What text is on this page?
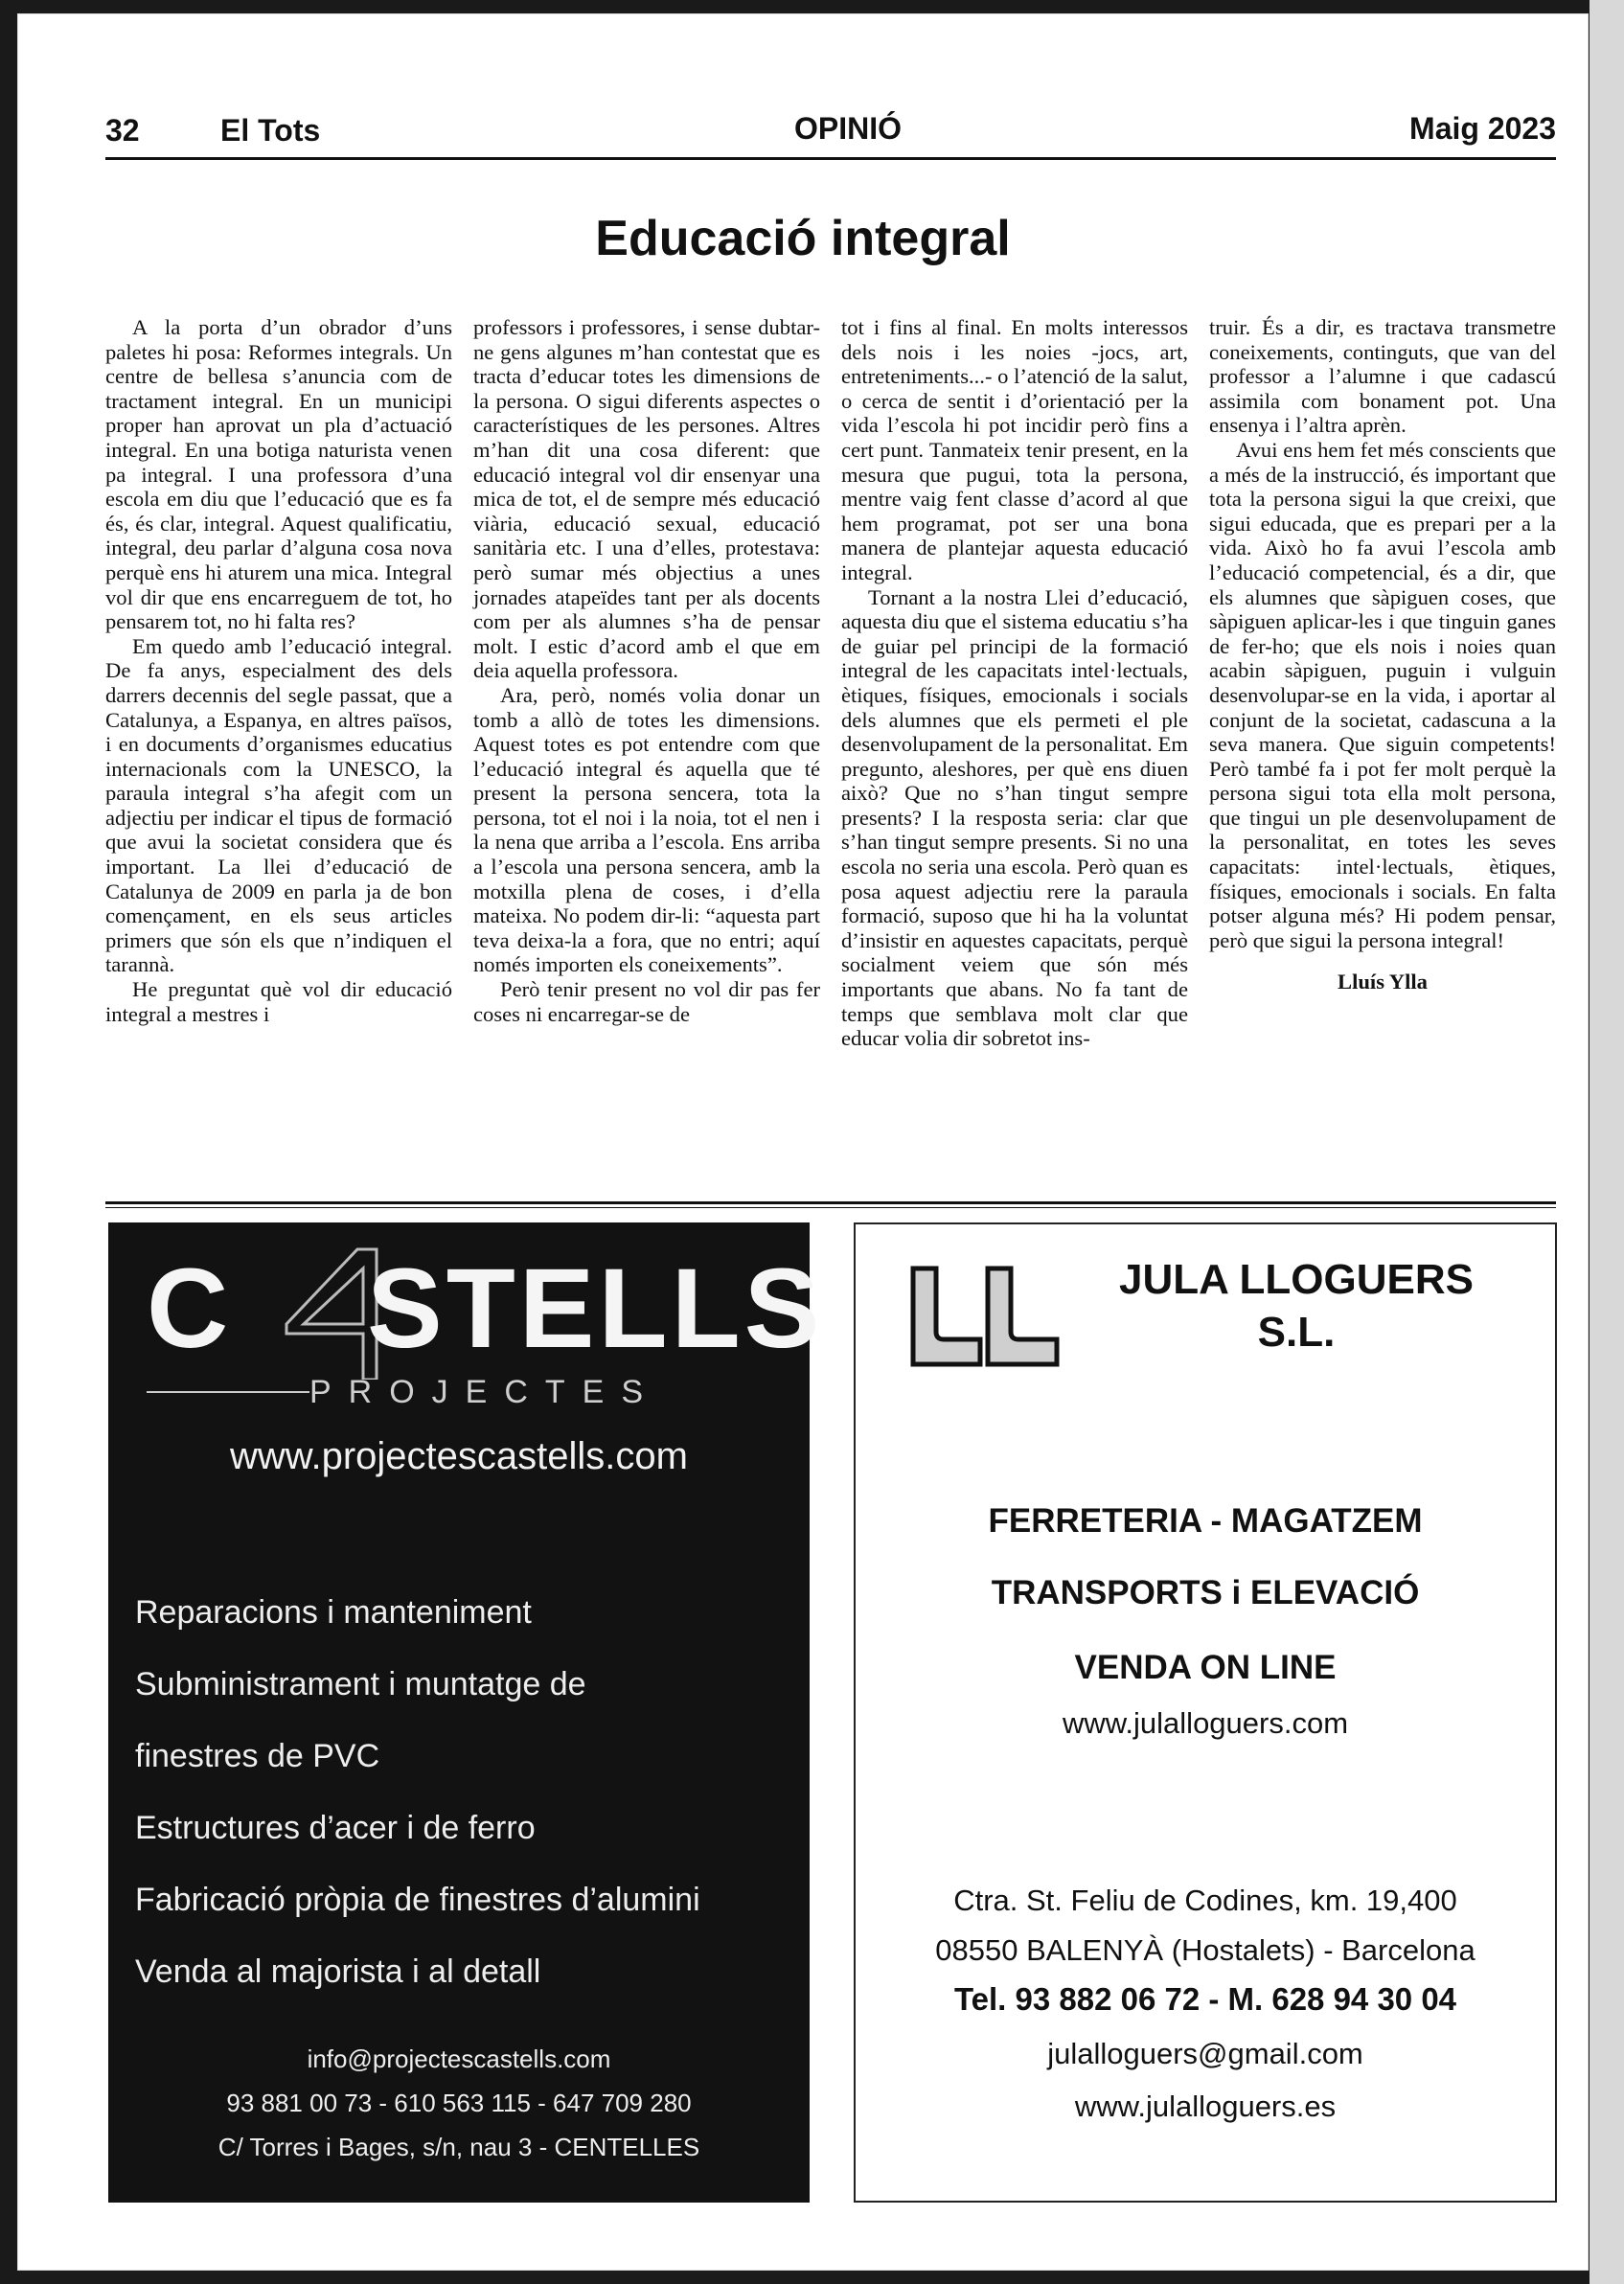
32	El Tots	OPINIÓ	Maig 2023
Educació integral

A la porta d’un obrador d’uns paletes hi posa: Reformes integrals. Un centre de bellesa s’anuncia com de tractament integral. En un municipi proper han aprovat un pla d’actuació integral. En una botiga naturista venen pa integral. I una professora d’una escola em diu que l’educació que es fa és, és clar, integral. Aquest qualificatiu, integral, deu parlar d’alguna cosa nova perquè ens hi aturem una mica. Integral vol dir que ens encarreguem de tot, ho pensarem tot, no hi falta res?

Em quedo amb l’educació integral. De fa anys, especialment des dels darrers decennis del segle passat, que a Catalunya, a Espanya, en altres països, i en documents d’organismes educatius internacionals com la UNESCO, la paraula integral s’ha afegit com un adjectiu per indicar el tipus de formació que avui la societat considera que és important. La llei d’educació de Catalunya de 2009 en parla ja de bon començament, en els seus articles primers que són els que n’indiquen el tarannà.

He preguntat què vol dir educació integral a mestres i

professors i professores, i sense dubtar-ne gens algunes m’han contestat que es tracta d’educar totes les dimensions de la persona. O sigui diferents aspectes o característiques de les persones. Altres m’han dit una cosa diferent: que educació integral vol dir ensenyar una mica de tot, el de sempre més educació viària, educació sexual, educació sanitària etc. I una d’elles, protestava: però sumar més objectius a unes jornades atapeïdes tant per als docents com per als alumnes s’ha de pensar molt. I estic d’acord amb el que em deia aquella professora.

Ara, però, només volia donar un tomb a allò de totes les dimensions. Aquest totes es pot entendre com que l’educació integral és aquella que té present la persona sencera, tota la persona, tot el noi i la noia, tot el nen i la nena que arriba a l’escola. Ens arriba a l’escola una persona sencera, amb la motxilla plena de coses, i d’ella mateixa. No podem dir-li: “aquesta part teva deixa-la a fora, que no entri; aquí només importen els coneixements”.

Però tenir present no vol dir pas fer coses ni encarregar-se de

tot i fins al final. En molts interessos dels nois i les noies -jocs, art, entreteniments...- o l’atenció de la salut, o cerca de sentit i d’orientació per la vida l’escola hi pot incidir però fins a cert punt. Tanmateix tenir present, en la mesura que pugui, tota la persona, mentre vaig fent classe d’acord al que hem programat, pot ser una bona manera de plantejar aquesta educació integral.

Tornant a la nostra Llei d’educació, aquesta diu que el sistema educatiu s’ha de guiar pel principi de la formació integral de les capacitats intel·lectuals, ètiques, físiques, emocionals i socials dels alumnes que els permeti el ple desenvolupament de la personalitat. Em pregunto, aleshores, per què ens diuen això? Que no s’han tingut sempre presents? I la resposta seria: clar que s’han tingut sempre presents. Si no una escola no seria una escola. Però quan es posa aquest adjectiu rere la paraula formació, suposo que hi ha la voluntat d’insistir en aquestes capacitats, perquè socialment veiem que són més importants que abans. No fa tant de temps que semblava molt clar que educar volia dir sobretot ins-

truir. És a dir, es tractava transmetre coneixements, continguts, que van del professor a l’alumne i que cadascú assimila com bonament pot. Una ensenya i l’altra aprèn.

Avui ens hem fet més conscients que a més de la instrucció, és important que tota la persona sigui la que creixi, que sigui educada, que es prepari per a la vida. Això ho fa avui l’escola amb l’educació competencial, és a dir, que els alumnes que sàpiguen coses, que sàpiguen aplicar-les i que tinguin ganes de fer-ho; que els nois i noies quan acabin sàpiguen, puguin i vulguin desenvolupar-se en la vida, i aportar al conjunt de la societat, cadascuna a la seva manera. Que siguin competents! Però també fa i pot fer molt perquè la persona sigui tota ella molt persona, que tingui un ple desenvolupament de la personalitat, en totes les seves capacitats: intel·lectuals, ètiques, físiques, emocionals i socials. En falta potser alguna més? Hi podem pensar, però que sigui la persona integral!

Lluís Ylla

C STELLS
PROJECTES
www.projectescastells.com
Reparacions i manteniment
Subministrament i muntatge de
finestres de PVC
Estructures d’acer i de ferro
Fabricació pròpia de finestres d’alumini
Venda al majorista i al detall
info@projectescastells.com
93 881 00 73 - 610 563 115 - 647 709 280
C/ Torres i Bages, s/n, nau 3 - CENTELLES
JULA LLOGUERS
S.L.
FERRETERIA - MAGATZEM
TRANSPORTS i ELEVACIÓ
VENDA ON LINE
www.julalloguers.com
Ctra. St. Feliu de Codines, km. 19,400
08550 BALENYÀ (Hostalets) - Barcelona
Tel. 93 882 06 72 - M. 628 94 30 04
julalloguers@gmail.com
www.julalloguers.es
